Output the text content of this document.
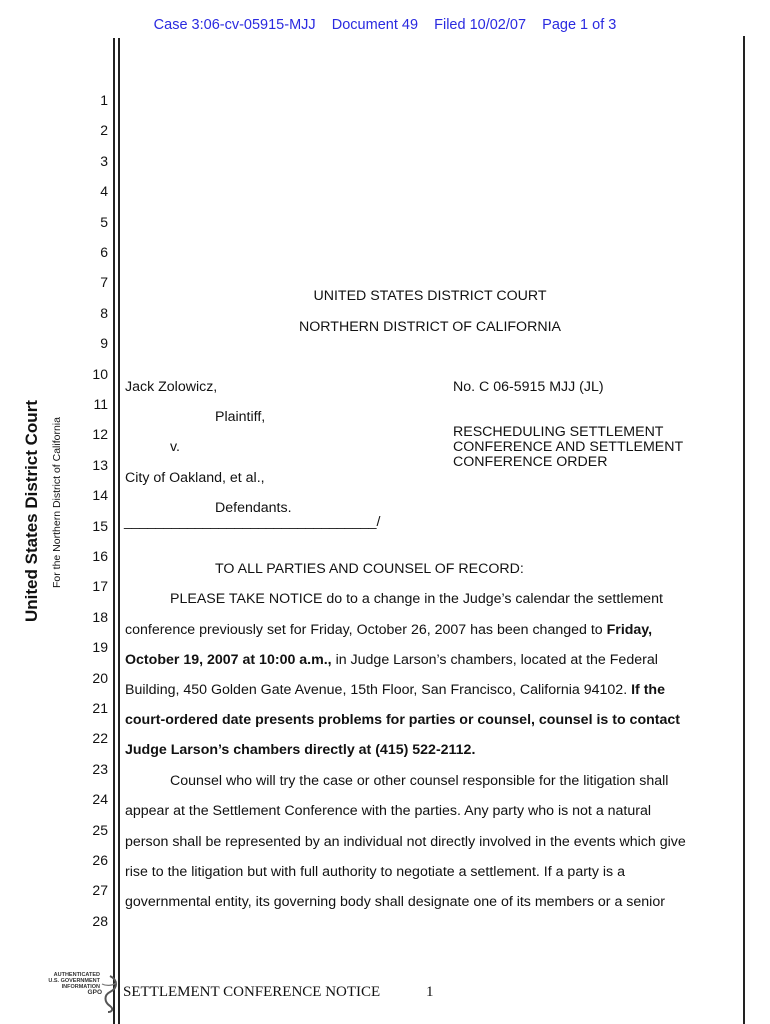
Case 3:06-cv-05915-MJJ    Document 49    Filed 10/02/07    Page 1 of 3
United States District Court For the Northern District of California
1
2
3
4
5
6
7
8
9
10
11
12
13
14
15
16
17
18
19
20
21
22
23
24
25
26
27
28
UNITED STATES DISTRICT COURT
NORTHERN DISTRICT OF CALIFORNIA
Jack Zolowicz,
Plaintiff,
v.
City of Oakland, et al.,
Defendants.
________________________________/
No. C 06-5915 MJJ (JL)
RESCHEDULING SETTLEMENT
CONFERENCE AND SETTLEMENT
CONFERENCE ORDER
TO ALL PARTIES AND COUNSEL OF RECORD:
PLEASE TAKE NOTICE do to a change in the Judge’s calendar the settlement
conference previously set for Friday, October 26, 2007 has been changed to Friday,
October 19, 2007 at 10:00 a.m., in Judge Larson’s chambers, located at the Federal
Building, 450 Golden Gate Avenue, 15th Floor, San Francisco, California 94102. If the
court-ordered date presents problems for parties or counsel, counsel is to contact
Judge Larson’s chambers directly at (415) 522-2112.
Counsel who will try the case or other counsel responsible for the litigation shall
appear at the Settlement Conference with the parties. Any party who is not a natural
person shall be represented by an individual not directly involved in the events which give
rise to the litigation but with full authority to negotiate a settlement. If a party is a
governmental entity, its governing body shall designate one of its members or a senior
AUTHENTICATED
U.S. GOVERNMENT
INFORMATION
GPO SETTLEMENT CONFERENCE NOTICE	1
